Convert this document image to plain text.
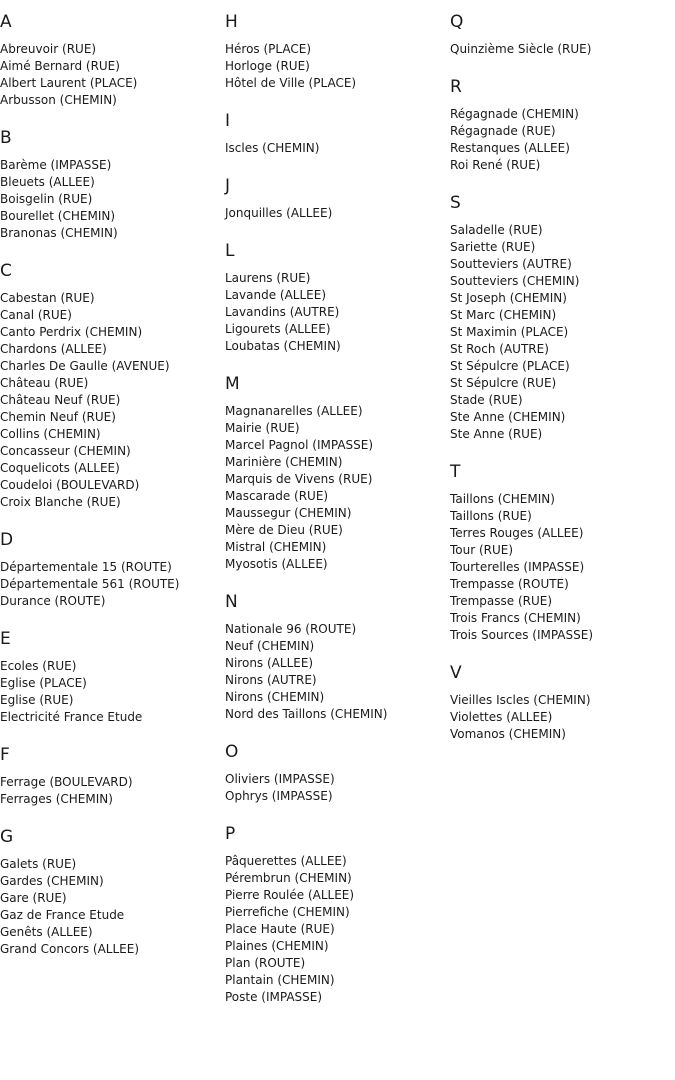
A
Abreuvoir (RUE)
Aimé Bernard (RUE)
Albert Laurent (PLACE)
Arbusson (CHEMIN)
B
Barème (IMPASSE)
Bleuets (ALLEE)
Boisgelin (RUE)
Bourellet (CHEMIN)
Branonas (CHEMIN)
C
Cabestan (RUE)
Canal (RUE)
Canto Perdrix (CHEMIN)
Chardons (ALLEE)
Charles De Gaulle (AVENUE)
Château (RUE)
Château Neuf (RUE)
Chemin Neuf (RUE)
Collins (CHEMIN)
Concasseur (CHEMIN)
Coquelicots (ALLEE)
Coudeloi (BOULEVARD)
Croix Blanche (RUE)
D
Départementale 15 (ROUTE)
Départementale 561 (ROUTE)
Durance (ROUTE)
E
Ecoles (RUE)
Eglise (PLACE)
Eglise (RUE)
Electricité France Etude
F
Ferrage (BOULEVARD)
Ferrages (CHEMIN)
G
Galets (RUE)
Gardes (CHEMIN)
Gare (RUE)
Gaz de France Etude
Genêts (ALLEE)
Grand Concors (ALLEE)
H
Héros (PLACE)
Horloge (RUE)
Hôtel de Ville (PLACE)
I
Iscles (CHEMIN)
J
Jonquilles (ALLEE)
L
Laurens (RUE)
Lavande (ALLEE)
Lavandins (AUTRE)
Ligourets (ALLEE)
Loubatas (CHEMIN)
M
Magnanarelles (ALLEE)
Mairie (RUE)
Marcel Pagnol (IMPASSE)
Marinière (CHEMIN)
Marquis de Vivens (RUE)
Mascarade (RUE)
Maussegur (CHEMIN)
Mère de Dieu (RUE)
Mistral (CHEMIN)
Myosotis (ALLEE)
N
Nationale 96 (ROUTE)
Neuf (CHEMIN)
Nirons (ALLEE)
Nirons (AUTRE)
Nirons (CHEMIN)
Nord des Taillons (CHEMIN)
O
Oliviers (IMPASSE)
Ophrys (IMPASSE)
P
Pâquerettes (ALLEE)
Pérembrun (CHEMIN)
Pierre Roulée (ALLEE)
Pierrefiche (CHEMIN)
Place Haute (RUE)
Plaines (CHEMIN)
Plan (ROUTE)
Plantain (CHEMIN)
Poste (IMPASSE)
Q
Quinzième Siècle (RUE)
R
Régagnade (CHEMIN)
Régagnade (RUE)
Restanques (ALLEE)
Roi René (RUE)
S
Saladelle (RUE)
Sariette (RUE)
Soutteviers (AUTRE)
Soutteviers (CHEMIN)
St Joseph (CHEMIN)
St Marc (CHEMIN)
St Maximin (PLACE)
St Roch (AUTRE)
St Sépulcre (PLACE)
St Sépulcre (RUE)
Stade (RUE)
Ste Anne (CHEMIN)
Ste Anne (RUE)
T
Taillons (CHEMIN)
Taillons (RUE)
Terres Rouges (ALLEE)
Tour (RUE)
Tourterelles (IMPASSE)
Trempasse (ROUTE)
Trempasse (RUE)
Trois Francs (CHEMIN)
Trois Sources (IMPASSE)
V
Vieilles Iscles (CHEMIN)
Violettes (ALLEE)
Vomanos (CHEMIN)
